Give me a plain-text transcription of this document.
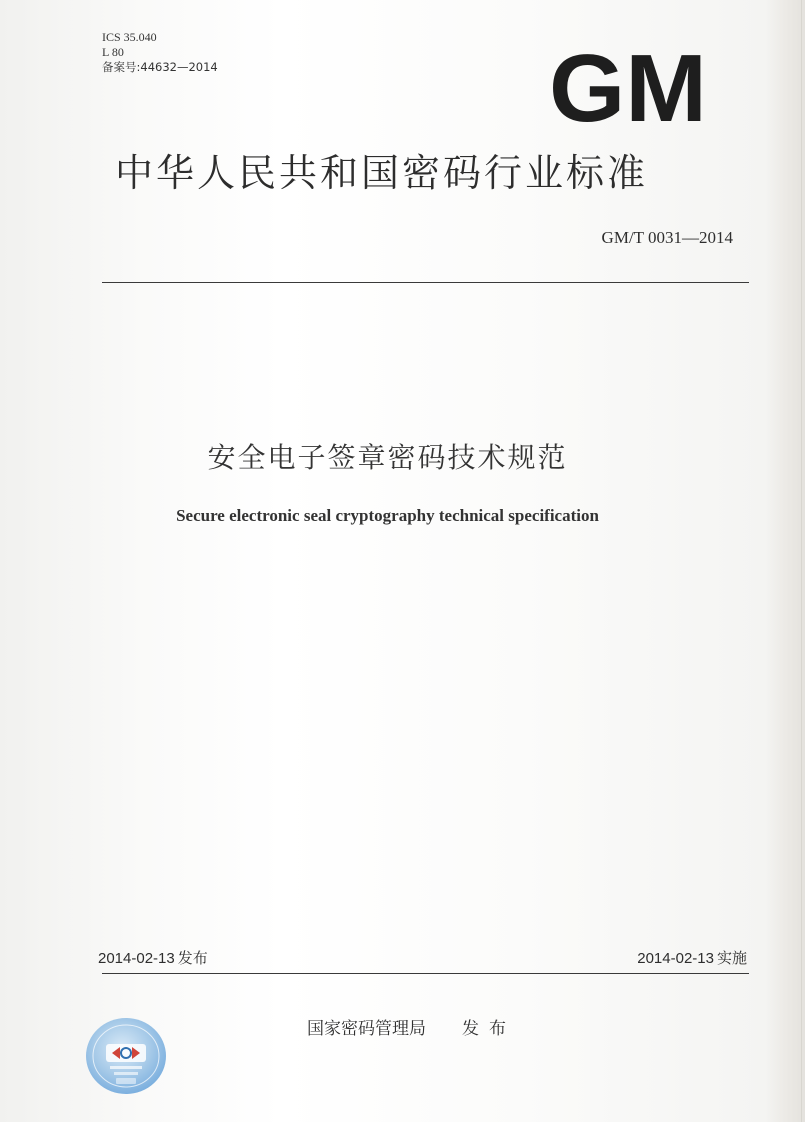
ICS 35.040
L 80
备案号:44632—2014	GM
中华人民共和国密码行业标准
GM/T 0031—2014
安全电子签章密码技术规范
Secure electronic seal cryptography technical specification
2014-02-13 发布	2014-02-13 实施
国家密码管理局 发布
